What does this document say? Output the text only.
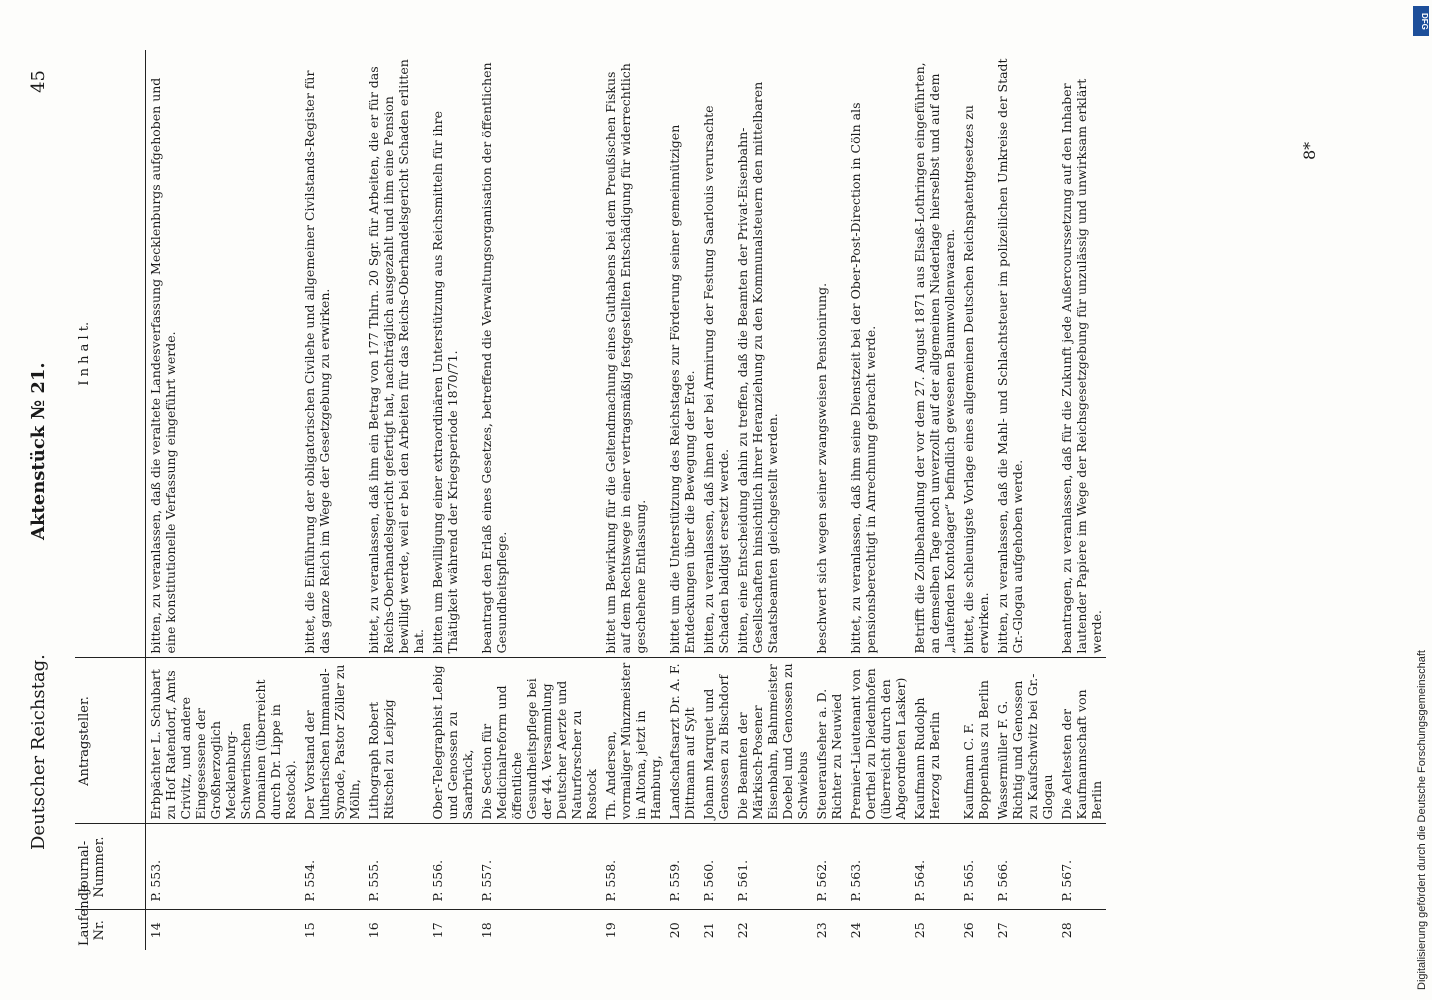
Deutscher Reichstag.
Aktenstück № 21.
45
Laufende Nr.	Journal-Nummer.	Antragsteller.	I n h a l t.
14	P. 553.	Erbpächter L. Schubart zu Hof Ratendorf, Amts Crivitz, und andere Eingesessene der Großherzoglich Mecklenburg-Schwerinschen Domainen (überreicht durch Dr. Lippe in Rostock).	bitten, zu veranlassen, daß die veraltete Landesverfassung Mecklenburgs aufgehoben und eine konstitutionelle Verfassung eingeführt werde.
15	P. 554.	Der Vorstand der lutherischen Immanuel-Synode, Pastor Zöller zu Mölln,	bittet, die Einführung der obligatorischen Civilehe und allgemeiner Civilstands-Register für das ganze Reich im Wege der Gesetzgebung zu erwirken.
16	P. 555.	Lithograph Robert Ritschel zu Leipzig	bittet, zu veranlassen, daß ihm ein Betrag von 177 Thlrn. 20 Sgr. für Arbeiten, die er für das Reichs-Oberhandelsgericht gefertigt hat, nachträglich ausgezahlt und ihm eine Pension bewilligt werde, weil er bei den Arbeiten für das Reichs-Oberhandelsgericht Schaden erlitten hat.
17	P. 556.	Ober-Telegraphist Lebig und Genossen zu Saarbrück,	bitten um Bewilligung einer extraordinären Unterstützung aus Reichsmitteln für ihre Thätigkeit während der Kriegsperiode 1870/71.
18	P. 557.	Die Section für Medicinalreform und öffentliche Gesundheitspflege bei der 44. Versammlung Deutscher Aerzte und Naturforscher zu Rostock	beantragt den Erlaß eines Gesetzes, betreffend die Verwaltungsorganisation der öffentlichen Gesundheitspflege.
19	P. 558.	Th. Andersen, vormaliger Münzmeister in Altona, jetzt in Hamburg,	bittet um Bewirkung für die Geltendmachung eines Guthabens bei dem Preußischen Fiskus auf dem Rechtswege in einer vertragsmäßig festgestellten Entschädigung für widerrechtlich geschehene Entlassung.
20	P. 559.	Landschaftsarzt Dr. A. F. Dittmann auf Sylt	bittet um die Unterstützung des Reichstages zur Förderung seiner gemeinnützigen Entdeckungen über die Bewegung der Erde.
21	P. 560.	Johann Marquet und Genossen zu Bischdorf	bitten, zu veranlassen, daß ihnen der bei Armirung der Festung Saarlouis verursachte Schaden baldigst ersetzt werde.
22	P. 561.	Die Beamten der Märkisch-Posener Eisenbahn, Bahnmeister Doebel und Genossen zu Schwiebus	bitten, eine Entscheidung dahin zu treffen, daß die Beamten der Privat-Eisenbahn-Gesellschaften hinsichtlich ihrer Heranziehung zu den Kommunalsteuern den mittelbaren Staatsbeamten gleichgestellt werden.
23	P. 562.	Steueraufseher a. D. Richter zu Neuwied	beschwert sich wegen seiner zwangsweisen Pensionirung.
24	P. 563.	Premier-Lieutenant von Oerthel zu Diedenhofen (überreicht durch den Abgeordneten Lasker)	bittet, zu veranlassen, daß ihm seine Dienstzeit bei der Ober-Post-Direction in Cöln als pensionsberechtigt in Anrechnung gebracht werde.
25	P. 564.	Kaufmann Rudolph Herzog zu Berlin	Betrifft die Zollbehandlung der vor dem 27. August 1871 aus Elsaß-Lothringen eingeführten, an demselben Tage noch unverzollt auf der allgemeinen Niederlage hierselbst und auf dem „laufenden Kontolager“ befindlich gewesenen Baumwollenwaaren.
26	P. 565.	Kaufmann C. F. Boppenhaus zu Berlin	bittet, die schleunigste Vorlage eines allgemeinen Deutschen Reichspatentgesetzes zu erwirken.
27	P. 566.	Wassermüller F. G. Richtig und Genossen zu Kaufschwitz bei Gr.-Glogau	bitten, zu veranlassen, daß die Mahl- und Schlachtsteuer im polizeilichen Umkreise der Stadt Gr.-Glogau aufgehoben werde.
28	P. 567.	Die Aeltesten der Kaufmannschaft von Berlin	beantragen, zu veranlassen, daß für die Zukunft jede Außercourssetzung auf den Inhaber lautender Papiere im Wege der Reichsgesetzgebung für unzulässig und unwirksam erklärt werde.
8*
DFG
Digitalisierung gefördert durch die Deutsche Forschungsgemeinschaft
